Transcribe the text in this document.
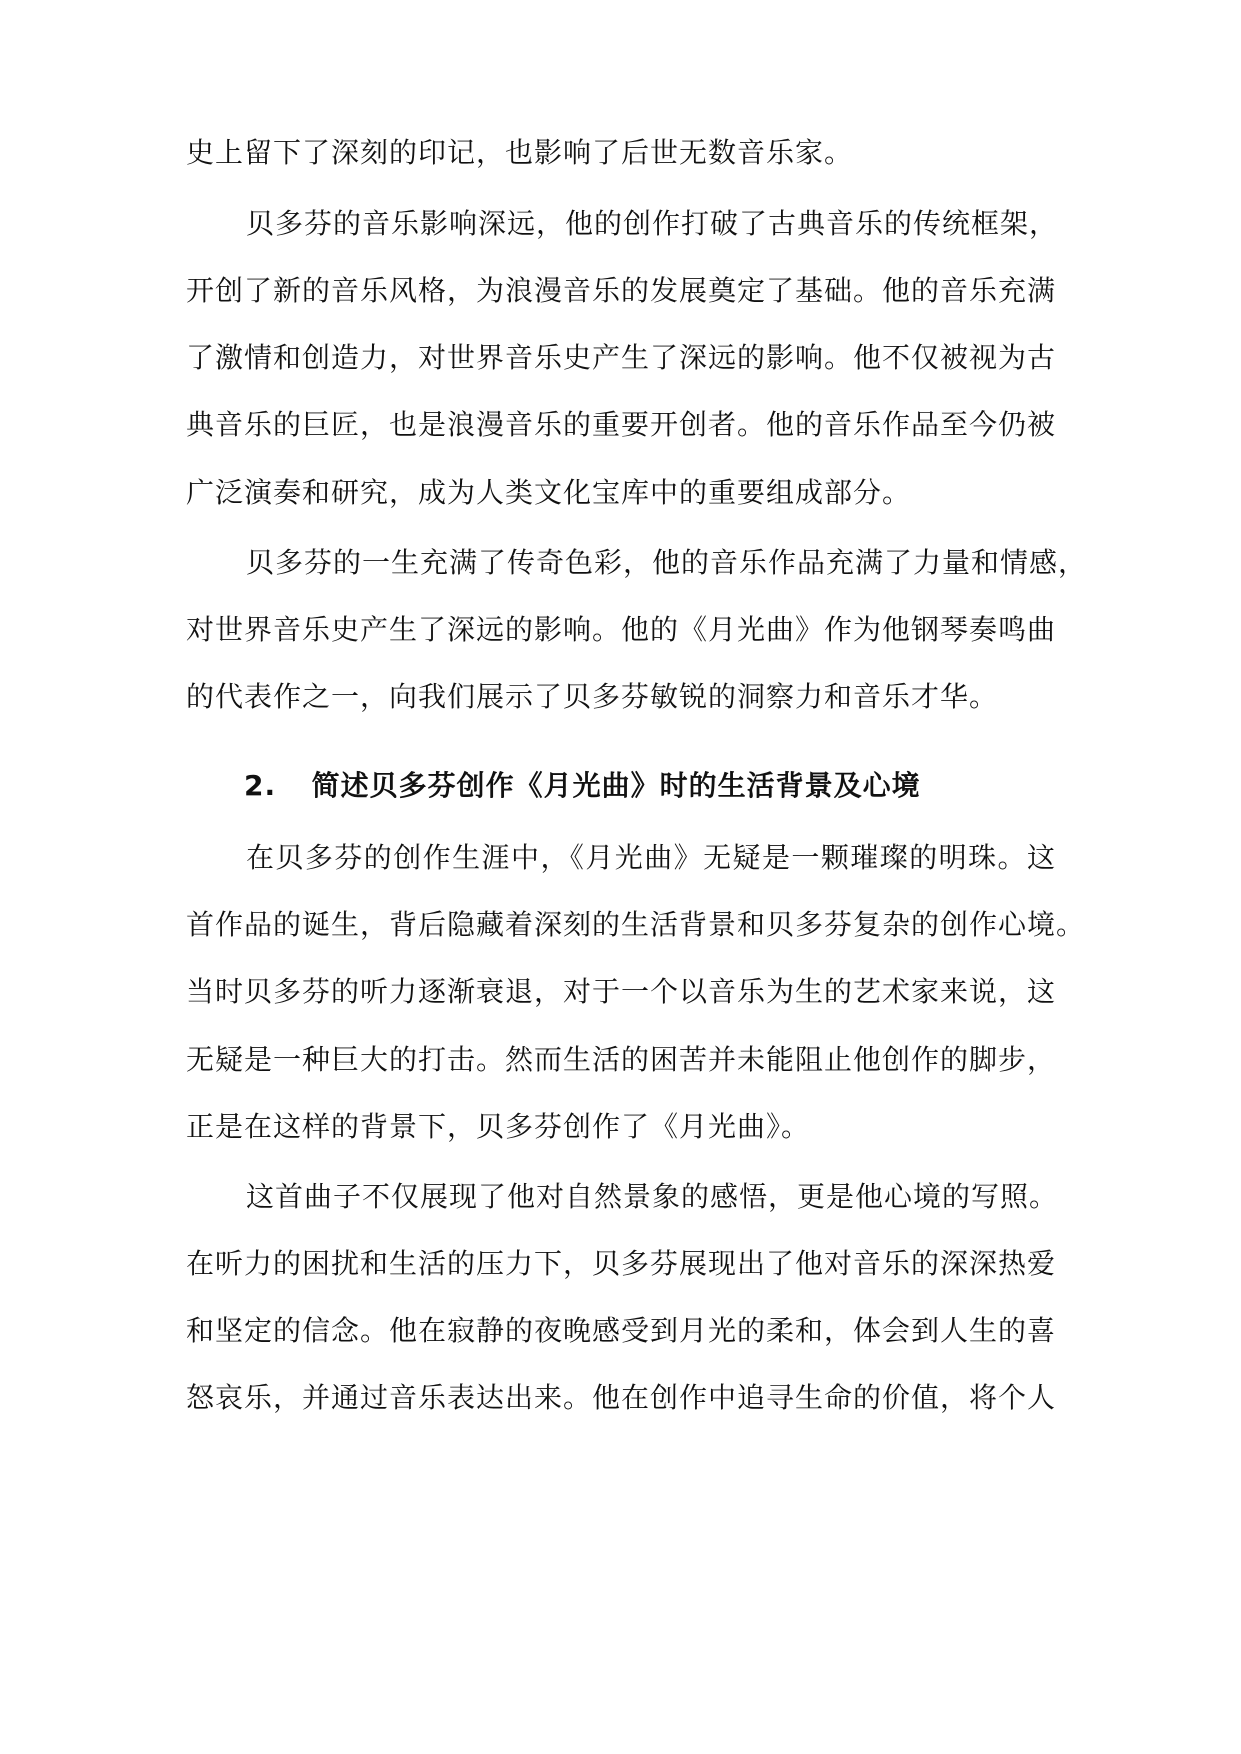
史上留下了深刻的印记，也影响了后世无数音乐家。
贝多芬的音乐影响深远，他的创作打破了古典音乐的传统框架，
开创了新的音乐风格，为浪漫音乐的发展奠定了基础。他的音乐充满
了激情和创造力，对世界音乐史产生了深远的影响。他不仅被视为古
典音乐的巨匠，也是浪漫音乐的重要开创者。他的音乐作品至今仍被
广泛演奏和研究，成为人类文化宝库中的重要组成部分。
贝多芬的一生充满了传奇色彩，他的音乐作品充满了力量和情感，
对世界音乐史产生了深远的影响。他的《月光曲》作为他钢琴奏鸣曲
的代表作之一，向我们展示了贝多芬敏锐的洞察力和音乐才华。
2. 简述贝多芬创作《月光曲》时的生活背景及心境
在贝多芬的创作生涯中，《月光曲》无疑是一颗璀璨的明珠。这
首作品的诞生，背后隐藏着深刻的生活背景和贝多芬复杂的创作心境。
当时贝多芬的听力逐渐衰退，对于一个以音乐为生的艺术家来说，这
无疑是一种巨大的打击。然而生活的困苦并未能阻止他创作的脚步，
正是在这样的背景下，贝多芬创作了《月光曲》。
这首曲子不仅展现了他对自然景象的感悟，更是他心境的写照。
在听力的困扰和生活的压力下，贝多芬展现出了他对音乐的深深热爱
和坚定的信念。他在寂静的夜晚感受到月光的柔和，体会到人生的喜
怒哀乐，并通过音乐表达出来。他在创作中追寻生命的价值，将个人
